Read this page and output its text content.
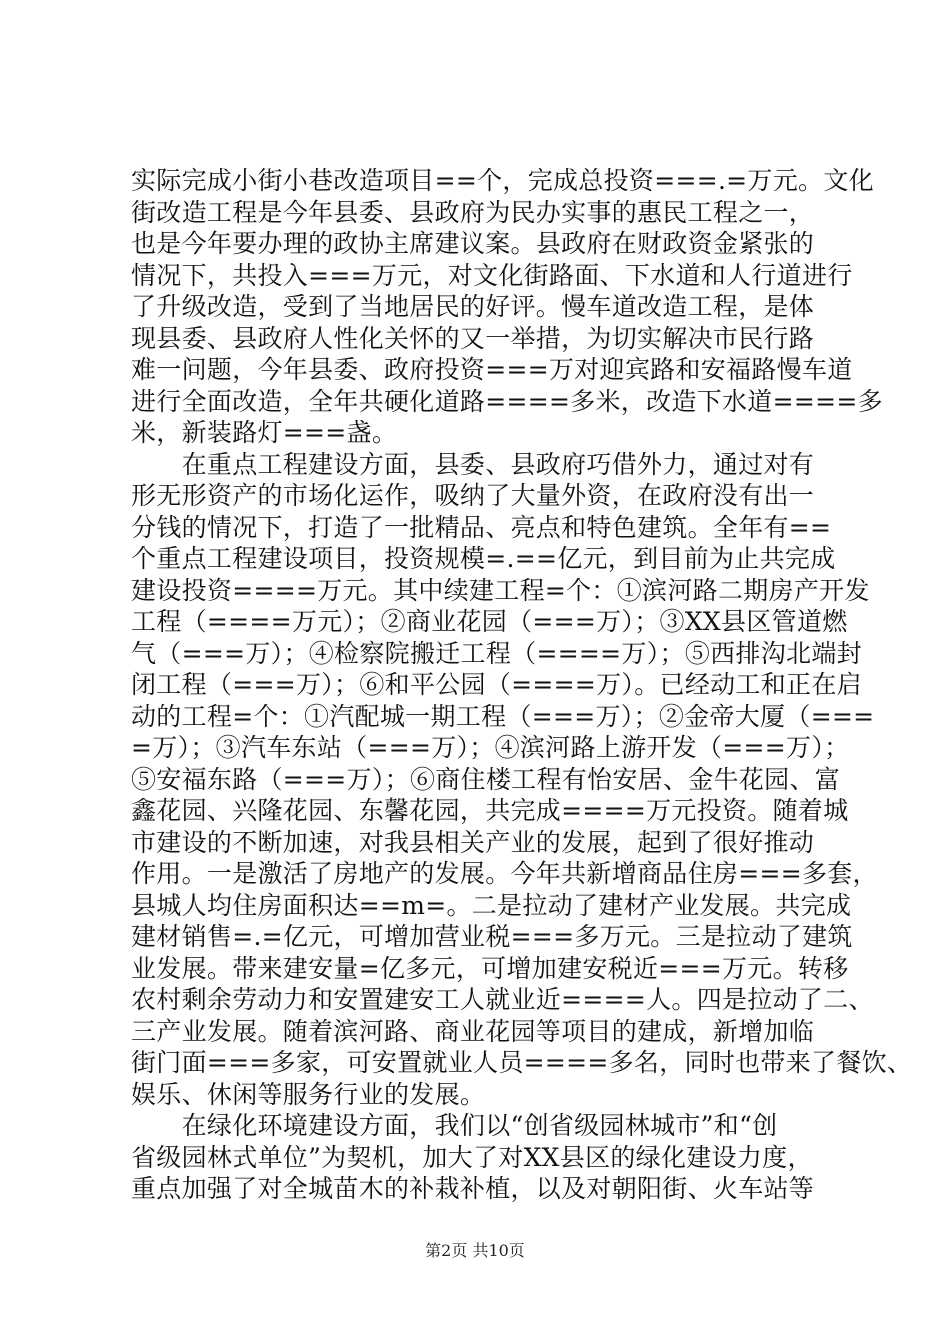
实际完成小街小巷改造项目==个，完成总投资===.=万元。文化
街改造工程是今年县委、县政府为民办实事的惠民工程之一，
也是今年要办理的政协主席建议案。县政府在财政资金紧张的
情况下，共投入===万元，对文化街路面、下水道和人行道进行
了升级改造，受到了当地居民的好评。慢车道改造工程，是体
现县委、县政府人性化关怀的又一举措，为切实解决市民行路
难一问题，今年县委、政府投资===万对迎宾路和安福路慢车道
进行全面改造，全年共硬化道路====多米，改造下水道====多
米，新装路灯===盏。
　　在重点工程建设方面，县委、县政府巧借外力，通过对有
形无形资产的市场化运作，吸纳了大量外资，在政府没有出一
分钱的情况下，打造了一批精品、亮点和特色建筑。全年有==
个重点工程建设项目，投资规模=.==亿元，到目前为止共完成
建设投资====万元。其中续建工程=个：①滨河路二期房产开发
工程（====万元）；②商业花园（===万）；③XX县区管道燃
气（===万）；④检察院搬迁工程（====万）；⑤西排沟北端封
闭工程（===万）；⑥和平公园（====万）。已经动工和正在启
动的工程=个：①汽配城一期工程（===万）；②金帝大厦（===
=万）；③汽车东站（===万）；④滨河路上游开发（===万）；
⑤安福东路（===万）；⑥商住楼工程有怡安居、金牛花园、富
鑫花园、兴隆花园、东馨花园，共完成====万元投资。随着城
市建设的不断加速，对我县相关产业的发展，起到了很好推动
作用。一是激活了房地产的发展。今年共新增商品住房===多套，
县城人均住房面积达==m=。二是拉动了建材产业发展。共完成
建材销售=.=亿元，可增加营业税===多万元。三是拉动了建筑
业发展。带来建安量=亿多元，可增加建安税近===万元。转移
农村剩余劳动力和安置建安工人就业近====人。四是拉动了二、
三产业发展。随着滨河路、商业花园等项目的建成，新增加临
街门面===多家，可安置就业人员====多名，同时也带来了餐饮、
娱乐、休闲等服务行业的发展。
　　在绿化环境建设方面，我们以“创省级园林城市”和“创
省级园林式单位”为契机，加大了对XX县区的绿化建设力度，
重点加强了对全城苗木的补栽补植，以及对朝阳街、火车站等
第2页 共10页
